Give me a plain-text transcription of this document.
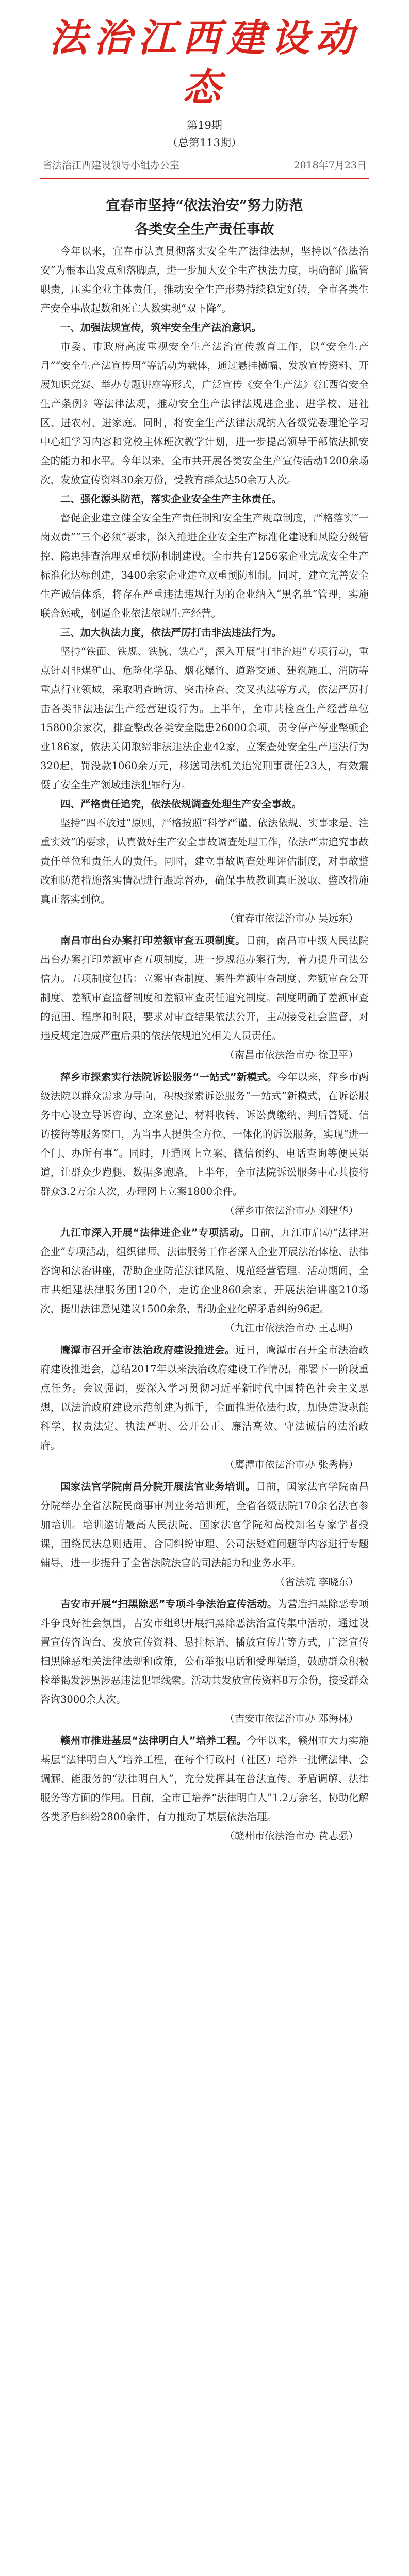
法治江西建设动态
第19期
（总第113期）
省法治江西建设领导小组办公室	2018年7月23日
宜春市坚持“依法治安”努力防范
各类安全生产责任事故

今年以来，宜春市认真贯彻落实安全生产法律法规，坚持以“依法治安”为根本出发点和落脚点，进一步加大安全生产执法力度，明确部门监管职责，压实企业主体责任，推动安全生产形势持续稳定好转，全市各类生产安全事故起数和死亡人数实现“双下降”。

一、加强法规宣传，筑牢安全生产法治意识。

市委、市政府高度重视安全生产法治宣传教育工作，以“安全生产月”“安全生产法宣传周”等活动为载体，通过悬挂横幅、发放宣传资料、开展知识竞赛、举办专题讲座等形式，广泛宣传《安全生产法》《江西省安全生产条例》等法律法规，推动安全生产法律法规进企业、进学校、进社区、进农村、进家庭。同时，将安全生产法律法规纳入各级党委理论学习中心组学习内容和党校主体班次教学计划，进一步提高领导干部依法抓安全的能力和水平。今年以来，全市共开展各类安全生产宣传活动1200余场次，发放宣传资料30余万份，受教育群众达50余万人次。

二、强化源头防范，落实企业安全生产主体责任。

督促企业建立健全安全生产责任制和安全生产规章制度，严格落实“一岗双责”“三个必须”要求，深入推进企业安全生产标准化建设和风险分级管控、隐患排查治理双重预防机制建设。全市共有1256家企业完成安全生产标准化达标创建，3400余家企业建立双重预防机制。同时，建立完善安全生产诚信体系，将存在严重违法违规行为的企业纳入“黑名单”管理，实施联合惩戒，倒逼企业依法依规生产经营。

三、加大执法力度，依法严厉打击非法违法行为。

坚持“铁面、铁规、铁腕、铁心”，深入开展“打非治违”专项行动，重点针对非煤矿山、危险化学品、烟花爆竹、道路交通、建筑施工、消防等重点行业领域，采取明查暗访、突击检查、交叉执法等方式，依法严厉打击各类非法违法生产经营建设行为。上半年，全市共检查生产经营单位15800余家次，排查整改各类安全隐患26000余项，责令停产停业整顿企业186家，依法关闭取缔非法违法企业42家，立案查处安全生产违法行为320起，罚没款1060余万元，移送司法机关追究刑事责任23人，有效震慑了安全生产领域违法犯罪行为。

四、严格责任追究，依法依规调查处理生产安全事故。

坚持“四不放过”原则，严格按照“科学严谨、依法依规、实事求是、注重实效”的要求，认真做好生产安全事故调查处理工作，依法严肃追究事故责任单位和责任人的责任。同时，建立事故调查处理评估制度，对事故整改和防范措施落实情况进行跟踪督办，确保事故教训真正汲取、整改措施真正落实到位。

（宜春市依法治市办 吴远东）

南昌市出台办案打印差额审查五项制度。日前，南昌市中级人民法院出台办案打印差额审查五项制度，进一步规范办案行为，着力提升司法公信力。五项制度包括：立案审查制度、案件差额审查制度、差额审查公开制度、差额审查监督制度和差额审查责任追究制度。制度明确了差额审查的范围、程序和时限，要求对审查结果依法公开，主动接受社会监督，对违反规定造成严重后果的依法依规追究相关人员责任。

（南昌市依法治市办 徐卫平）

萍乡市探索实行法院诉讼服务“一站式”新模式。今年以来，萍乡市两级法院以群众需求为导向，积极探索诉讼服务“一站式”新模式，在诉讼服务中心设立导诉咨询、立案登记、材料收转、诉讼费缴纳、判后答疑、信访接待等服务窗口，为当事人提供全方位、一体化的诉讼服务，实现“进一个门、办所有事”。同时，开通网上立案、微信预约、电话查询等便民渠道，让群众少跑腿、数据多跑路。上半年，全市法院诉讼服务中心共接待群众3.2万余人次，办理网上立案1800余件。

（萍乡市依法治市办 刘建华）

九江市深入开展“法律进企业”专项活动。日前，九江市启动“法律进企业”专项活动，组织律师、法律服务工作者深入企业开展法治体检、法律咨询和法治讲座，帮助企业防范法律风险、规范经营管理。活动期间，全市共组建法律服务团120个，走访企业860余家，开展法治讲座210场次，提出法律意见建议1500余条，帮助企业化解矛盾纠纷96起。

（九江市依法治市办 王志明）

鹰潭市召开全市法治政府建设推进会。近日，鹰潭市召开全市法治政府建设推进会，总结2017年以来法治政府建设工作情况，部署下一阶段重点任务。会议强调，要深入学习贯彻习近平新时代中国特色社会主义思想，以法治政府建设示范创建为抓手，全面推进依法行政，加快建设职能科学、权责法定、执法严明、公开公正、廉洁高效、守法诚信的法治政府。

（鹰潭市依法治市办 张秀梅）

国家法官学院南昌分院开展法官业务培训。日前，国家法官学院南昌分院举办全省法院民商事审判业务培训班，全省各级法院170余名法官参加培训。培训邀请最高人民法院、国家法官学院和高校知名专家学者授课，围绕民法总则适用、合同纠纷审理、公司法疑难问题等内容进行专题辅导，进一步提升了全省法院法官的司法能力和业务水平。

（省法院 李晓东）

吉安市开展“扫黑除恶”专项斗争法治宣传活动。为营造扫黑除恶专项斗争良好社会氛围，吉安市组织开展扫黑除恶法治宣传集中活动，通过设置宣传咨询台、发放宣传资料、悬挂标语、播放宣传片等方式，广泛宣传扫黑除恶相关法律法规和政策，公布举报电话和受理渠道，鼓励群众积极检举揭发涉黑涉恶违法犯罪线索。活动共发放宣传资料8万余份，接受群众咨询3000余人次。

（吉安市依法治市办 邓海林）

赣州市推进基层“法律明白人”培养工程。今年以来，赣州市大力实施基层“法律明白人”培养工程，在每个行政村（社区）培养一批懂法律、会调解、能服务的“法律明白人”，充分发挥其在普法宣传、矛盾调解、法律服务等方面的作用。目前，全市已培养“法律明白人”1.2万余名，协助化解各类矛盾纠纷2800余件，有力推动了基层依法治理。

（赣州市依法治市办 黄志强）
